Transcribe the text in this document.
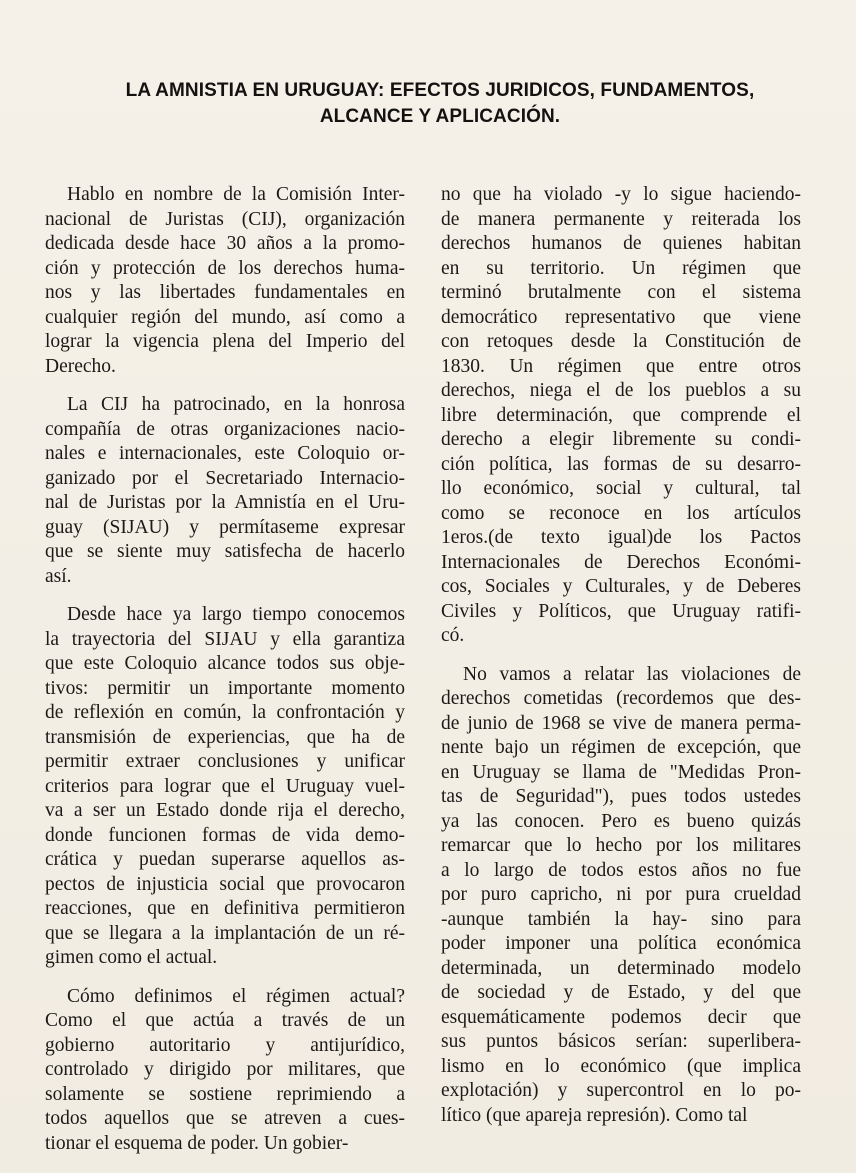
LA AMNISTIA EN URUGUAY: EFECTOS JURIDICOS, FUNDAMENTOS,
ALCANCE Y APLICACIÓN.
Hablo en nombre de la Comisión Inter-
nacional de Juristas (CIJ), organización
dedicada desde hace 30 años a la promo-
ción y protección de los derechos huma-
nos y las libertades fundamentales en
cualquier región del mundo, así como a
lograr la vigencia plena del Imperio del
Derecho.
La CIJ ha patrocinado, en la honrosa
compañía de otras organizaciones nacio-
nales e internacionales, este Coloquio or-
ganizado por el Secretariado Internacio-
nal de Juristas por la Amnistía en el Uru-
guay (SIJAU) y permítaseme expresar
que se siente muy satisfecha de hacerlo
así.
Desde hace ya largo tiempo conocemos
la trayectoria del SIJAU y ella garantiza
que este Coloquio alcance todos sus obje-
tivos: permitir un importante momento
de reflexión en común, la confrontación y
transmisión de experiencias, que ha de
permitir extraer conclusiones y unificar
criterios para lograr que el Uruguay vuel-
va a ser un Estado donde rija el derecho,
donde funcionen formas de vida demo-
crática y puedan superarse aquellos as-
pectos de injusticia social que provocaron
reacciones, que en definitiva permitieron
que se llegara a la implantación de un ré-
gimen como el actual.
Cómo definimos el régimen actual?
Como el que actúa a través de un
gobierno autoritario y antijurídico,
controlado y dirigido por militares, que
solamente se sostiene reprimiendo a
todos aquellos que se atreven a cues-
tionar el esquema de poder. Un gobier-
no que ha violado -y lo sigue haciendo-
de manera permanente y reiterada los
derechos humanos de quienes habitan
en su territorio. Un régimen que
terminó brutalmente con el sistema
democrático representativo que viene
con retoques desde la Constitución de
1830. Un régimen que entre otros
derechos, niega el de los pueblos a su
libre determinación, que comprende el
derecho a elegir libremente su condi-
ción política, las formas de su desarro-
llo económico, social y cultural, tal
como se reconoce en los artículos
1eros.(de texto igual)de los Pactos
Internacionales de Derechos Económi-
cos, Sociales y Culturales, y de Deberes
Civiles y Políticos, que Uruguay ratifi-
có.
No vamos a relatar las violaciones de
derechos cometidas (recordemos que des-
de junio de 1968 se vive de manera perma-
nente bajo un régimen de excepción, que
en Uruguay se llama de "Medidas Pron-
tas de Seguridad"), pues todos ustedes
ya las conocen. Pero es bueno quizás
remarcar que lo hecho por los militares
a lo largo de todos estos años no fue
por puro capricho, ni por pura crueldad
-aunque también la hay- sino para
poder imponer una política económica
determinada, un determinado modelo
de sociedad y de Estado, y del que
esquemáticamente podemos decir que
sus puntos básicos serían: superlibera-
lismo en lo económico (que implica
explotación) y supercontrol en lo po-
lítico (que apareja represión). Como tal
